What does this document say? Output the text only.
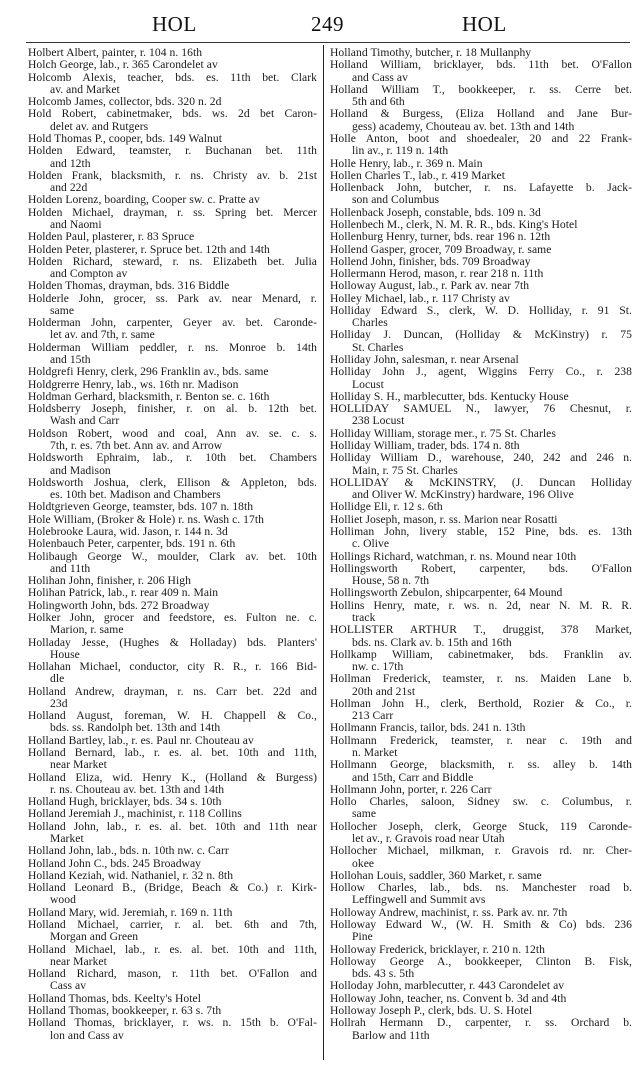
HOL	249	HOL
Holbert Albert, painter, r. 104 n. 16th
Holch George, lab., r. 365 Carondelet av
Holcomb Alexis, teacher, bds. es. 11th bet. Clark
av. and Market
Holcomb James, collector, bds. 320 n. 2d
Hold Robert, cabinetmaker, bds. ws. 2d bet Caron-
delet av. and Rutgers
Hold Thomas P., cooper, bds. 149 Walnut
Holden Edward, teamster, r. Buchanan bet. 11th
and 12th
Holden Frank, blacksmith, r. ns. Christy av. b. 21st
and 22d
Holden Lorenz, boarding, Cooper sw. c. Pratte av
Holden Michael, drayman, r. ss. Spring bet. Mercer
and Naomi
Holden Paul, plasterer, r. 83 Spruce
Holden Peter, plasterer, r. Spruce bet. 12th and 14th
Holden Richard, steward, r. ns. Elizabeth bet. Julia
and Compton av
Holden Thomas, drayman, bds. 316 Biddle
Holderle John, grocer, ss. Park av. near Menard, r.
same
Holderman John, carpenter, Geyer av. bet. Caronde-
let av. and 7th, r. same
Holderman William peddler, r. ns. Monroe b. 14th
and 15th
Holdgrefi Henry, clerk, 296 Franklin av., bds. same
Holdgrerre Henry, lab., ws. 16th nr. Madison
Holdman Gerhard, blacksmith, r. Benton se. c. 16th
Holdsberry Joseph, finisher, r. on al. b. 12th bet.
Wash and Carr
Holdson Robert, wood and coal, Ann av. se. c. s.
7th, r. es. 7th bet. Ann av. and Arrow
Holdsworth Ephraim, lab., r. 10th bet. Chambers
and Madison
Holdsworth Joshua, clerk, Ellison & Appleton, bds.
es. 10th bet. Madison and Chambers
Holdtgrieven George, teamster, bds. 107 n. 18th
Hole William, (Broker & Hole) r. ns. Wash c. 17th
Holebrooke Laura, wid. Jason, r. 144 n. 3d
Holenbauch Peter, carpenter, bds. 191 n. 6th
Holibaugh George W., moulder, Clark av. bet. 10th
and 11th
Holihan John, finisher, r. 206 High
Holihan Patrick, lab., r. rear 409 n. Main
Holingworth John, bds. 272 Broadway
Holker John, grocer and feedstore, es. Fulton ne. c.
Marion, r. same
Holladay Jesse, (Hughes & Holladay) bds. Planters'
House
Hollahan Michael, conductor, city R. R., r. 166 Bid-
dle
Holland Andrew, drayman, r. ns. Carr bet. 22d and
23d
Holland August, foreman, W. H. Chappell & Co.,
bds. ss. Randolph bet. 13th and 14th
Holland Bartley, lab., r. es. Paul nr. Chouteau av
Holland Bernard, lab., r. es. al. bet. 10th and 11th,
near Market
Holland Eliza, wid. Henry K., (Holland & Burgess)
r. ns. Chouteau av. bet. 13th and 14th
Holland Hugh, bricklayer, bds. 34 s. 10th
Holland Jeremiah J., machinist, r. 118 Collins
Holland John, lab., r. es. al. bet. 10th and 11th near
Market
Holland John, lab., bds. n. 10th nw. c. Carr
Holland John C., bds. 245 Broadway
Holland Keziah, wid. Nathaniel, r. 32 n. 8th
Holland Leonard B., (Bridge, Beach & Co.) r. Kirk-
wood
Holland Mary, wid. Jeremiah, r. 169 n. 11th
Holland Michael, carrier, r. al. bet. 6th and 7th,
Morgan and Green
Holland Michael, lab., r. es. al. bet. 10th and 11th,
near Market
Holland Richard, mason, r. 11th bet. O'Fallon and
Cass av
Holland Thomas, bds. Keelty's Hotel
Holland Thomas, bookkeeper, r. 63 s. 7th
Holland Thomas, bricklayer, r. ws. n. 15th b. O'Fal-
lon and Cass av
Holland Timothy, butcher, r. 18 Mullanphy
Holland William, bricklayer, bds. 11th bet. O'Fallon
and Cass av
Holland William T., bookkeeper, r. ss. Cerre bet.
5th and 6th
Holland & Burgess, (Eliza Holland and Jane Bur-
gess) academy, Chouteau av. bet. 13th and 14th
Holle Anton, boot and shoedealer, 20 and 22 Frank-
lin av., r. 119 n. 14th
Holle Henry, lab., r. 369 n. Main
Hollen Charles T., lab., r. 419 Market
Hollenback John, butcher, r. ns. Lafayette b. Jack-
son and Columbus
Hollenback Joseph, constable, bds. 109 n. 3d
Hollenbech M., clerk, N. M. R. R., bds. King's Hotel
Hollenburg Henry, turner, bds. rear 196 n. 12th
Hollend Gasper, grocer, 709 Broadway, r. same
Hollend John, finisher, bds. 709 Broadway
Hollermann Herod, mason, r. rear 218 n. 11th
Holloway August, lab., r. Park av. near 7th
Holley Michael, lab., r. 117 Christy av
Holliday Edward S., clerk, W. D. Holliday, r. 91 St.
Charles
Holliday J. Duncan, (Holliday & McKinstry) r. 75
St. Charles
Holliday John, salesman, r. near Arsenal
Holliday John J., agent, Wiggins Ferry Co., r. 238
Locust
Holliday S. H., marblecutter, bds. Kentucky House
HOLLIDAY SAMUEL N., lawyer, 76 Chesnut, r.
238 Locust
Holliday William, storage mer., r. 75 St. Charles
Holliday William, trader, bds. 174 n. 8th
Holliday William D., warehouse, 240, 242 and 246 n.
Main, r. 75 St. Charles
HOLLIDAY & McKINSTRY, (J. Duncan Holliday
and Oliver W. McKinstry) hardware, 196 Olive
Hollidge Eli, r. 12 s. 6th
Holliet Joseph, mason, r. ss. Marion near Rosatti
Holliman John, livery stable, 152 Pine, bds. es. 13th
c. Olive
Hollings Richard, watchman, r. ns. Mound near 10th
Hollingsworth Robert, carpenter, bds. O'Fallon
House, 58 n. 7th
Hollingsworth Zebulon, shipcarpenter, 64 Mound
Hollins Henry, mate, r. ws. n. 2d, near N. M. R. R.
track
HOLLISTER ARTHUR T., druggist, 378 Market,
bds. ns. Clark av. b. 15th and 16th
Hollkamp William, cabinetmaker, bds. Franklin av.
nw. c. 17th
Hollman Frederick, teamster, r. ns. Maiden Lane b.
20th and 21st
Hollman John H., clerk, Berthold, Rozier & Co., r.
213 Carr
Hollmann Francis, tailor, bds. 241 n. 13th
Hollmann Frederick, teamster, r. near c. 19th and
n. Market
Hollmann George, blacksmith, r. ss. alley b. 14th
and 15th, Carr and Biddle
Hollmann John, porter, r. 226 Carr
Hollo Charles, saloon, Sidney sw. c. Columbus, r.
same
Hollocher Joseph, clerk, George Stuck, 119 Caronde-
let av., r. Gravois road near Utah
Hollocher Michael, milkman, r. Gravois rd. nr. Cher-
okee
Hollohan Louis, saddler, 360 Market, r. same
Hollow Charles, lab., bds. ns. Manchester road b.
Leffingwell and Summit avs
Holloway Andrew, machinist, r. ss. Park av. nr. 7th
Holloway Edward W., (W. H. Smith & Co) bds. 236
Pine
Holloway Frederick, bricklayer, r. 210 n. 12th
Holloway George A., bookkeeper, Clinton B. Fisk,
bds. 43 s. 5th
Holloday John, marblecutter, r. 443 Carondelet av
Holloway John, teacher, ns. Convent b. 3d and 4th
Holloway Joseph P., clerk, bds. U. S. Hotel
Hollrah Hermann D., carpenter, r. ss. Orchard b.
Barlow and 11th
